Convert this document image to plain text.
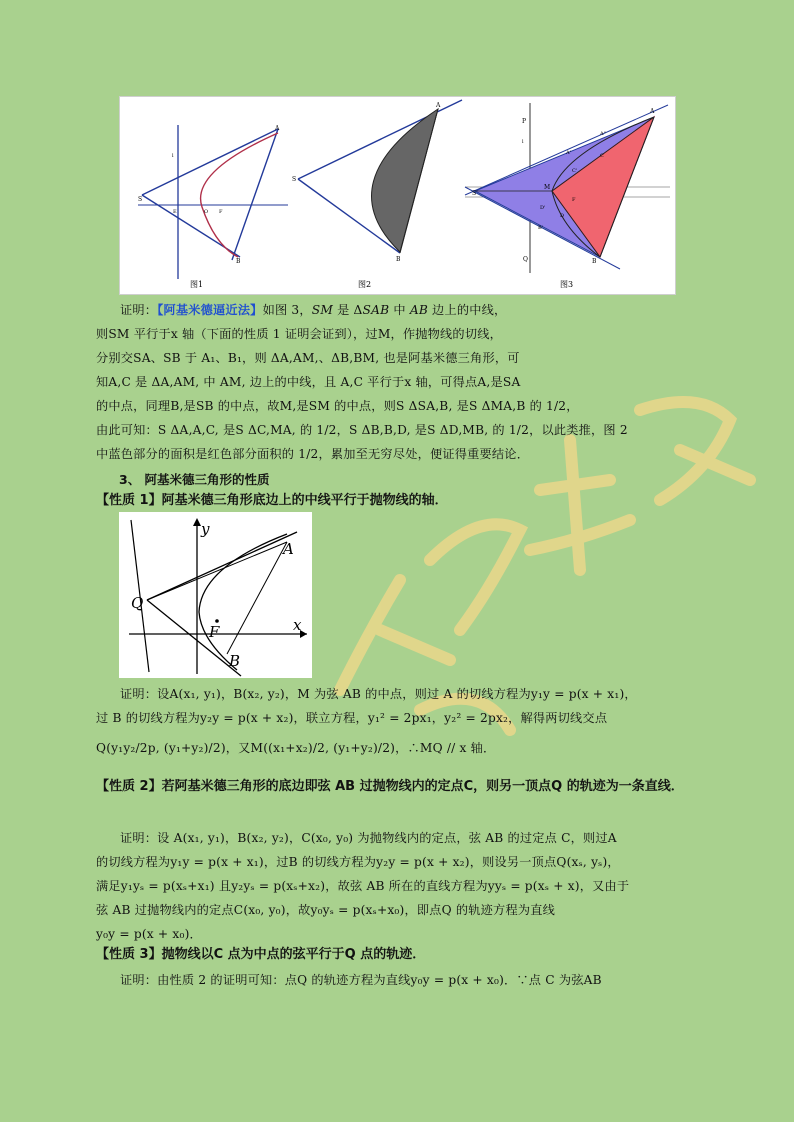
A
B
S
E	O F
l
图1
A
S
B
图2
P
l
A
A'	C
M
S
F
D
B
Q
A''
C'
B'
D'
图3
证明：【阿基米德逼近法】如图 3，SM 是 ΔSAB 中 AB 边上的中线，
则SM 平行于x 轴（下面的性质 1 证明会证到），过M，作抛物线的切线，
分别交SA、SB 于 A₁、B₁，则 ΔA,AM,、ΔB,BM, 也是阿基米德三角形，可
知A,C 是 ΔA,AM, 中 AM, 边上的中线，且 A,C 平行于x 轴，可得点A,是SA
的中点，同理B,是SB 的中点，故M,是SM 的中点，则S ΔSA,B, 是S ΔMA,B 的 1/2，
由此可知：S ΔA,A,C, 是S ΔC,MA, 的 1/2，S ΔB,B,D, 是S ΔD,MB, 的 1/2，以此类推，图 2
中蓝色部分的面积是红色部分面积的 1/2，累加至无穷尽处，便证得重要结论．
3、 阿基米德三角形的性质
【性质 1】阿基米德三角形底边上的中线平行于抛物线的轴．
y
A
Q
F	x
B
证明：设A(x₁, y₁)，B(x₂, y₂)，M 为弦 AB 的中点，则过 A 的切线方程为y₁y = p(x + x₁)，
过 B 的切线方程为y₂y = p(x + x₂)，联立方程，y₁² = 2px₁，y₂² = 2px₂，解得两切线交点
Q(y₁y₂/2p, (y₁+y₂)/2)，又M((x₁+x₂)/2, (y₁+y₂)/2)，∴MQ // x 轴．
【性质 2】若阿基米德三角形的底边即弦 AB 过抛物线内的定点C，则另一顶点Q 的轨迹为一条直线．
证明：设 A(x₁, y₁)，B(x₂, y₂)，C(x₀, y₀) 为抛物线内的定点，弦 AB 的过定点 C，则过A
的切线方程为y₁y = p(x + x₁)，过B 的切线方程为y₂y = p(x + x₂)，则设另一顶点Q(xₛ, yₛ)，
满足y₁yₛ = p(xₛ+x₁) 且y₂yₛ = p(xₛ+x₂)，故弦 AB 所在的直线方程为yyₛ = p(xₛ + x)，又由于
弦 AB 过抛物线内的定点C(x₀, y₀)，故y₀yₛ = p(xₛ+x₀)，即点Q 的轨迹方程为直线
y₀y = p(x + x₀)．
【性质 3】抛物线以C 点为中点的弦平行于Q 点的轨迹．
证明：由性质 2 的证明可知：点Q 的轨迹方程为直线y₀y = p(x + x₀)．∵点 C 为弦AB
